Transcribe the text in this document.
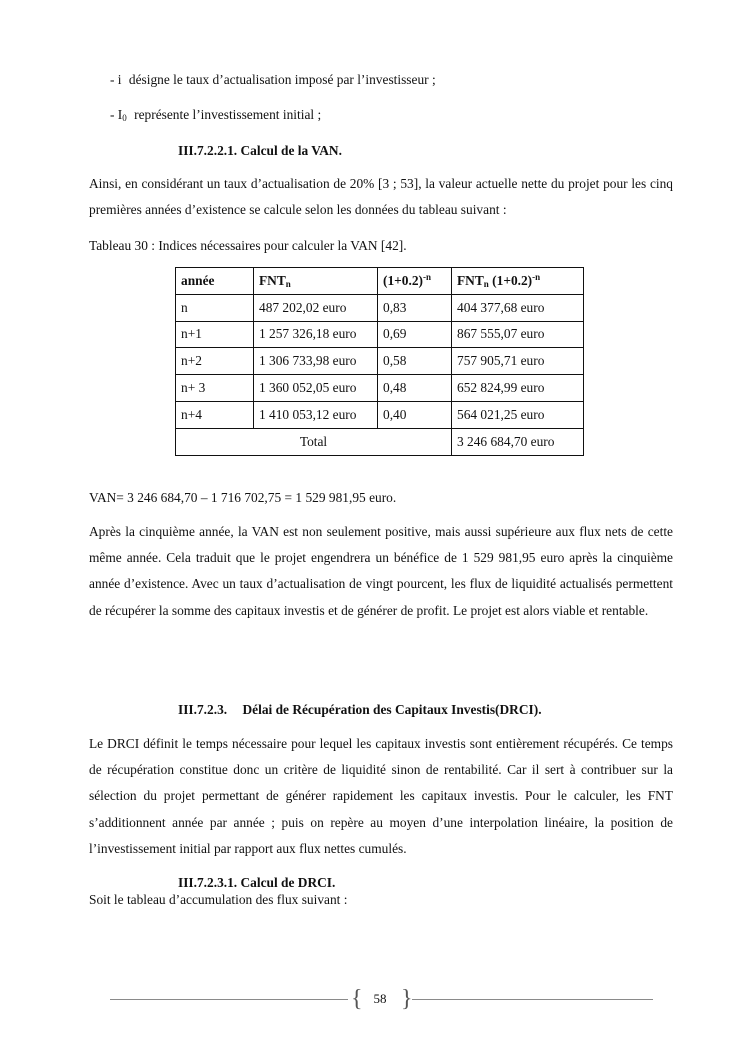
- i désigne le taux d’actualisation imposé par l’investisseur ;
- $I_0$ représente l’investissement initial ;
III.7.2.2.1. Calcul de la VAN.

Ainsi, en considérant un taux d’actualisation de 20% [3 ; 53], la valeur actuelle nette du projet pour les cinq premières années d’existence se calcule selon les données du tableau suivant :

Tableau 30 : Indices nécessaires pour calculer la VAN [42].
année	$FNT_n$	$(1+0.2)^{-n}$	$FNT_n$ $(1+0.2)^{-n}$
n	487 202,02 euro	0,83	404 377,68 euro
n+1	1 257 326,18 euro	0,69	867 555,07 euro
n+2	1 306 733,98 euro	0,58	757 905,71 euro
n+ 3	1 360 052,05 euro	0,48	652 824,99 euro
n+4	1 410 053,12 euro	0,40	564 021,25 euro
Total			3 246 684,70 euro
VAN= 3 246 684,70 – 1 716 702,75 = 1 529 981,95 euro.

Après la cinquième année, la VAN est non seulement positive, mais aussi supérieure aux flux nets de cette même année. Cela traduit que le projet engendrera un bénéfice de 1 529 981,95 euro après la cinquième année d’existence. Avec un taux d’actualisation de vingt pourcent, les flux de liquidité actualisés permettent de récupérer la somme des capitaux investis et de générer de profit. Le projet est alors viable et rentable.

III.7.2.3. Délai de Récupération des Capitaux Investis(DRCI).

Le DRCI définit le temps nécessaire pour lequel les capitaux investis sont entièrement récupérés. Ce temps de récupération constitue donc un critère de liquidité sinon de rentabilité. Car il sert à contribuer sur la sélection du projet permettant de générer rapidement les capitaux investis. Pour le calculer, les FNT s’additionnent année par année ; puis on repère au moyen d’une interpolation linéaire, la position de l’investissement initial par rapport aux flux nettes cumulés.

III.7.2.3.1. Calcul de DRCI.
Soit le tableau d’accumulation des flux suivant :
{ }
58
